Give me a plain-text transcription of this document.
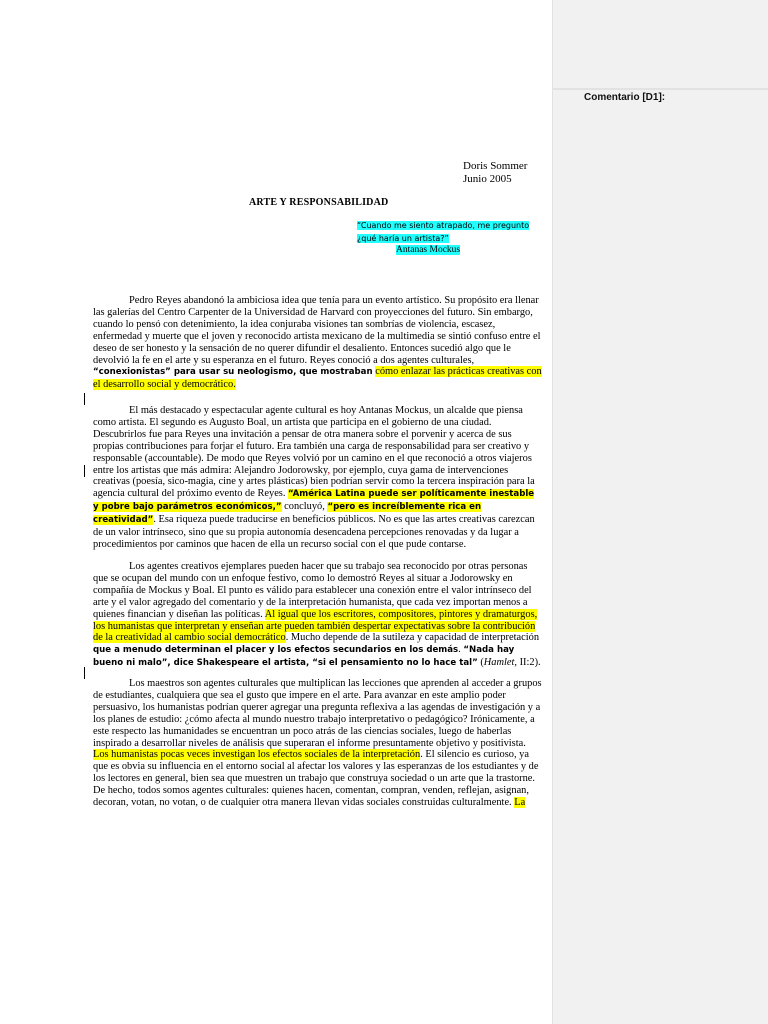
Comentario [D1]:
Doris Sommer
Junio 2005
ARTE Y RESPONSABILIDAD
“Cuando me siento atrapado, me pregunto
¿qué haría un artista?”

Antanas Mockus

Pedro Reyes abandonó la ambiciosa idea que tenía para un evento artístico. Su propósito era llenar las galerías del Centro Carpenter de la Universidad de Harvard con proyecciones del futuro. Sin embargo, cuando lo pensó con detenimiento, la idea conjuraba visiones tan sombrías de violencia, escasez, enfermedad y muerte que el joven y reconocido artista mexicano de la multimedia se sintió confuso entre el deseo de ser honesto y la sensación de no querer difundir el desaliento. Entonces sucedió algo que le devolvió la fe en el arte y su esperanza en el futuro. Reyes conoció a dos agentes culturales, “conexionistas” para usar su neologismo, que mostraban cómo enlazar las prácticas creativas con el desarrollo social y democrático.

El más destacado y espectacular agente cultural es hoy Antanas Mockus, un alcalde que piensa como artista. El segundo es Augusto Boal, un artista que participa en el gobierno de una ciudad. Descubrirlos fue para Reyes una invitación a pensar de otra manera sobre el porvenir y acerca de sus propias contribuciones para forjar el futuro. Era también una carga de responsabilidad para ser creativo y responsable (accountable). De modo que Reyes volvió por un camino en el que reconoció a otros viajeros entre los artistas que más admira: Alejandro Jodorowsky, por ejemplo, cuya gama de intervenciones creativas (poesía, sico-magia, cine y artes plásticas) bien podrían servir como la tercera inspiración para la agencia cultural del próximo evento de Reyes. “América Latina puede ser políticamente inestable y pobre bajo parámetros económicos,” concluyó, “pero es increíblemente rica en creatividad”. Esa riqueza puede traducirse en beneficios públicos. No es que las artes creativas carezcan de un valor intrínseco, sino que su propia autonomía desencadena percepciones renovadas y da lugar a procedimientos por caminos que hacen de ella un recurso social con el que pude contarse.

Los agentes creativos ejemplares pueden hacer que su trabajo sea reconocido por otras personas que se ocupan del mundo con un enfoque festivo, como lo demostró Reyes al situar a Jodorowsky en compañía de Mockus y Boal. El punto es válido para establecer una conexión entre el valor intrínseco del arte y el valor agregado del comentario y de la interpretación humanista, que cada vez importan menos a quienes financian y diseñan las políticas. Al igual que los escritores, compositores, pintores y dramaturgos, los humanistas que interpretan y enseñan arte pueden también despertar expectativas sobre la contribución de la creatividad al cambio social democrático. Mucho depende de la sutileza y capacidad de interpretación que a menudo determinan el placer y los efectos secundarios en los demás. “Nada hay bueno ni malo”, dice Shakespeare el artista, “si el pensamiento no lo hace tal” (Hamlet, II:2).

Los maestros son agentes culturales que multiplican las lecciones que aprenden al acceder a grupos de estudiantes, cualquiera que sea el gusto que impere en el arte. Para avanzar en este amplio poder persuasivo, los humanistas podrían querer agregar una pregunta reflexiva a las agendas de investigación y a los planes de estudio: ¿cómo afecta al mundo nuestro trabajo interpretativo o pedagógico? Irónicamente, a este respecto las humanidades se encuentran un poco atrás de las ciencias sociales, luego de haberlas inspirado a desarrollar niveles de análisis que superaran el informe presuntamente objetivo y positivista. Los humanistas pocas veces investigan los efectos sociales de la interpretación. El silencio es curioso, ya que es obvia su influencia en el entorno social al afectar los valores y las esperanzas de los estudiantes y de los lectores en general, bien sea que muestren un trabajo que construya sociedad o un arte que la trastorne. De hecho, todos somos agentes culturales: quienes hacen, comentan, compran, venden, reflejan, asignan, decoran, votan, no votan, o de cualquier otra manera llevan vidas sociales construidas culturalmente. La
